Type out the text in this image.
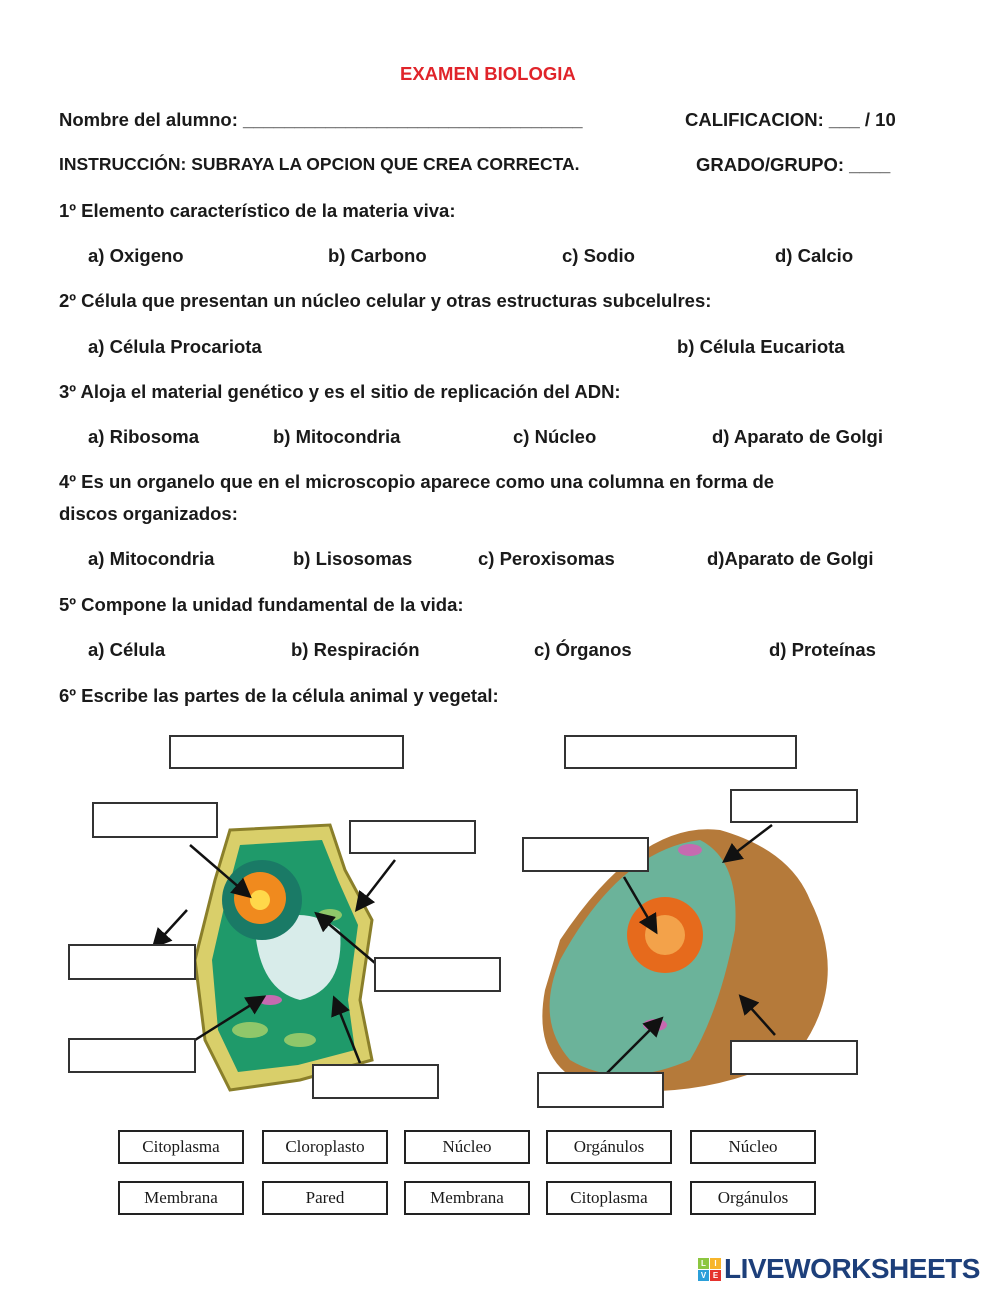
EXAMEN BIOLOGIA
Nombre del alumno: _________________________________	CALIFICACION: ___ / 10
INSTRUCCIÓN: SUBRAYA LA OPCION QUE CREA CORRECTA.	GRADO/GRUPO: ____
1º Elemento característico de la materia viva:
a) Oxigeno	b) Carbono	c) Sodio	d) Calcio
2º Célula que presentan un núcleo celular y otras estructuras subcelulres:
a) Célula Procariota	b) Célula Eucariota
3º Aloja el material genético y es el sitio de replicación del ADN:
a) Ribosoma	b) Mitocondria	c) Núcleo	d) Aparato de Golgi
4º Es un organelo que en el microscopio aparece como una columna en forma de
discos organizados:
a) Mitocondria	b) Lisosomas	c) Peroxisomas	d)Aparato de Golgi
5º Compone la unidad fundamental de la vida:
a) Célula	b) Respiración	c) Órganos	d) Proteínas
6º Escribe las partes de la célula animal y vegetal:
Citoplasma	Cloroplasto	Núcleo	Orgánulos	Núcleo
Membrana	Pared	Membrana	Citoplasma	Orgánulos
L	I
V E LIVEWORKSHEETS
